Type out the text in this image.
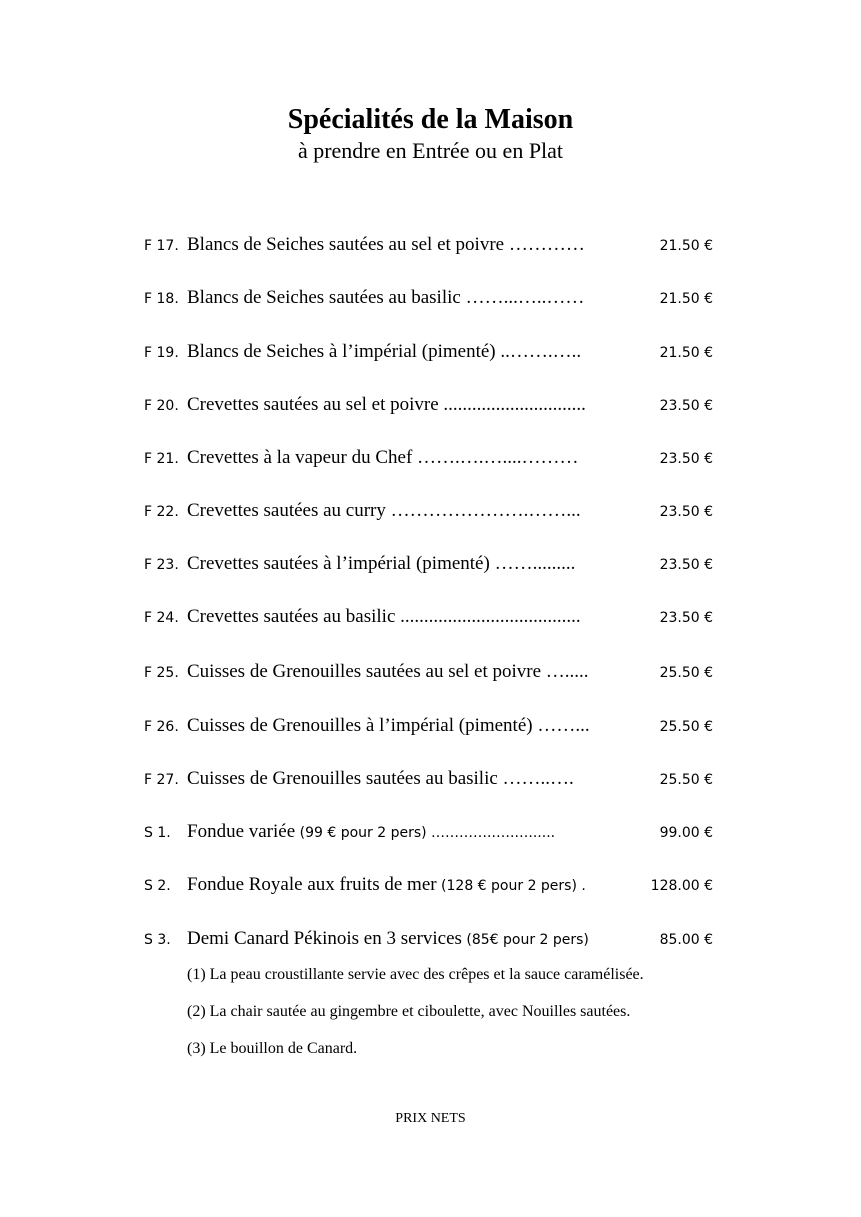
Spécialités de la Maison
à prendre en Entrée ou en Plat
F 17. Blancs de Seiches sautées au sel et poivre …………	21.50 €
F 18. Blancs de Seiches sautées au basilic ……...…..……	21.50 €
F 19. Blancs de Seiches à l’impérial (pimenté) ..…….…..	21.50 €
F 20. Crevettes sautées au sel et poivre ..............................	23.50 €
F 21. Crevettes à la vapeur du Chef …….….…....………	23.50 €
F 22. Crevettes sautées au curry ………………….……...	23.50 €
F 23. Crevettes sautées à l’impérial (pimenté) …….........	23.50 €
F 24. Crevettes sautées au basilic ......................................	23.50 €
F 25. Cuisses de Grenouilles sautées au sel et poivre ….....	25.50 €
F 26. Cuisses de Grenouilles à l’impérial (pimenté) ……...	25.50 €
F 27. Cuisses de Grenouilles sautées au basilic ……..….	25.50 €
S 1. Fondue variée (99 € pour 2 pers) …………..….…......	99.00 €
S 2. Fondue Royale aux fruits de mer (128 € pour 2 pers) .	128.00 €
S 3. Demi Canard Pékinois en 3 services (85€ pour 2 pers)	85.00 €
(1) La peau croustillante servie avec des crêpes et la sauce caramélisée.
(2) La chair sautée au gingembre et ciboulette, avec Nouilles sautées.
(3) Le bouillon de Canard.
PRIX NETS
